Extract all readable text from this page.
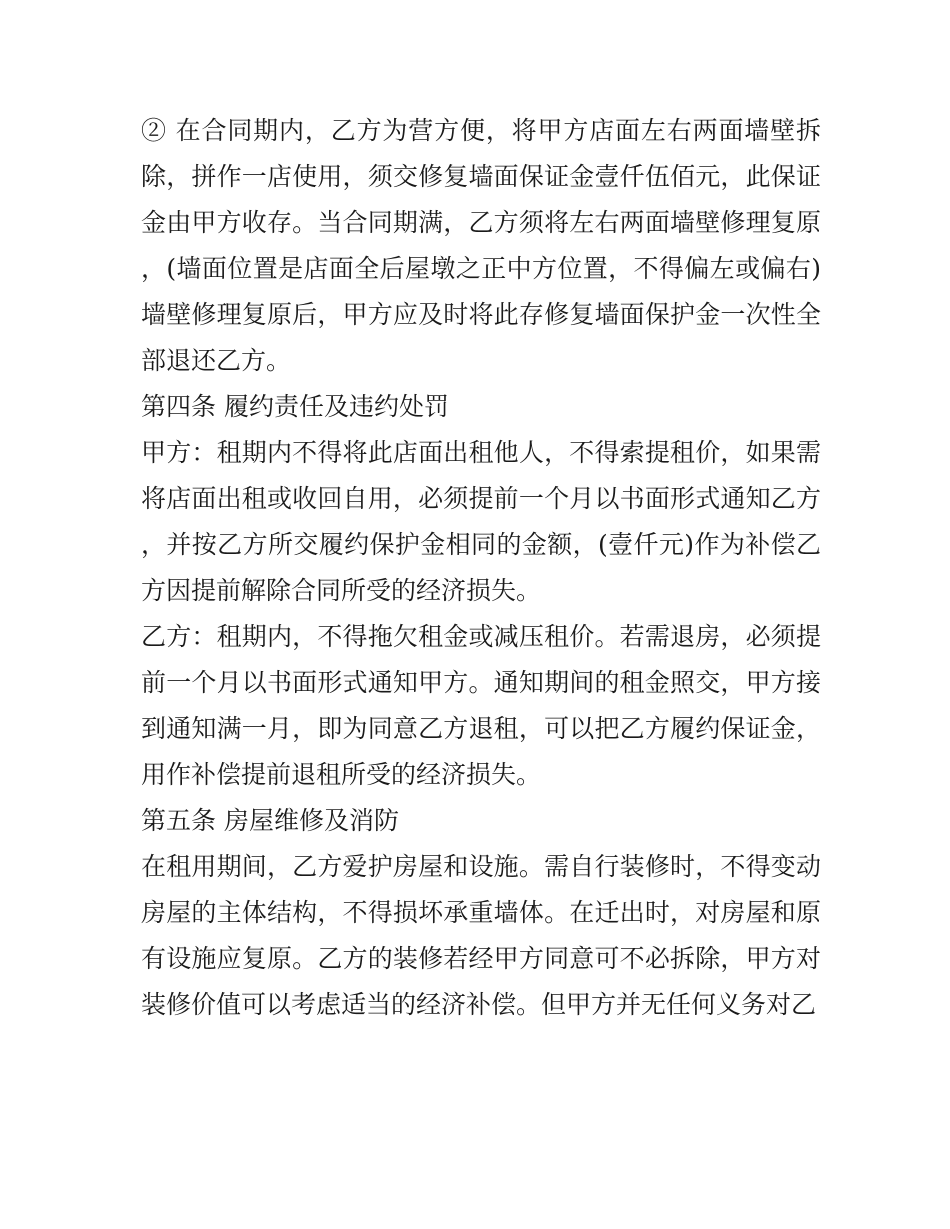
② 在合同期内，乙方为营方便，将甲方店面左右两面墙壁拆除，拼作一店使用，须交修复墙面保证金壹仟伍佰元，此保证金由甲方收存。当合同期满，乙方须将左右两面墙壁修理复原，(墙面位置是店面全后屋墩之正中方位置，不得偏左或偏右)墙壁修理复原后，甲方应及时将此存修复墙面保护金一次性全部退还乙方。

第四条 履约责任及违约处罚

甲方：租期内不得将此店面出租他人，不得索提租价，如果需将店面出租或收回自用，必须提前一个月以书面形式通知乙方，并按乙方所交履约保护金相同的金额，(壹仟元)作为补偿乙方因提前解除合同所受的经济损失。

乙方：租期内，不得拖欠租金或减压租价。若需退房，必须提前一个月以书面形式通知甲方。通知期间的租金照交，甲方接到通知满一月，即为同意乙方退租，可以把乙方履约保证金，用作补偿提前退租所受的经济损失。

第五条 房屋维修及消防

在租用期间，乙方爱护房屋和设施。需自行装修时，不得变动房屋的主体结构，不得损坏承重墙体。在迁出时，对房屋和原有设施应复原。乙方的装修若经甲方同意可不必拆除，甲方对装修价值可以考虑适当的经济补偿。但甲方并无任何义务对乙
